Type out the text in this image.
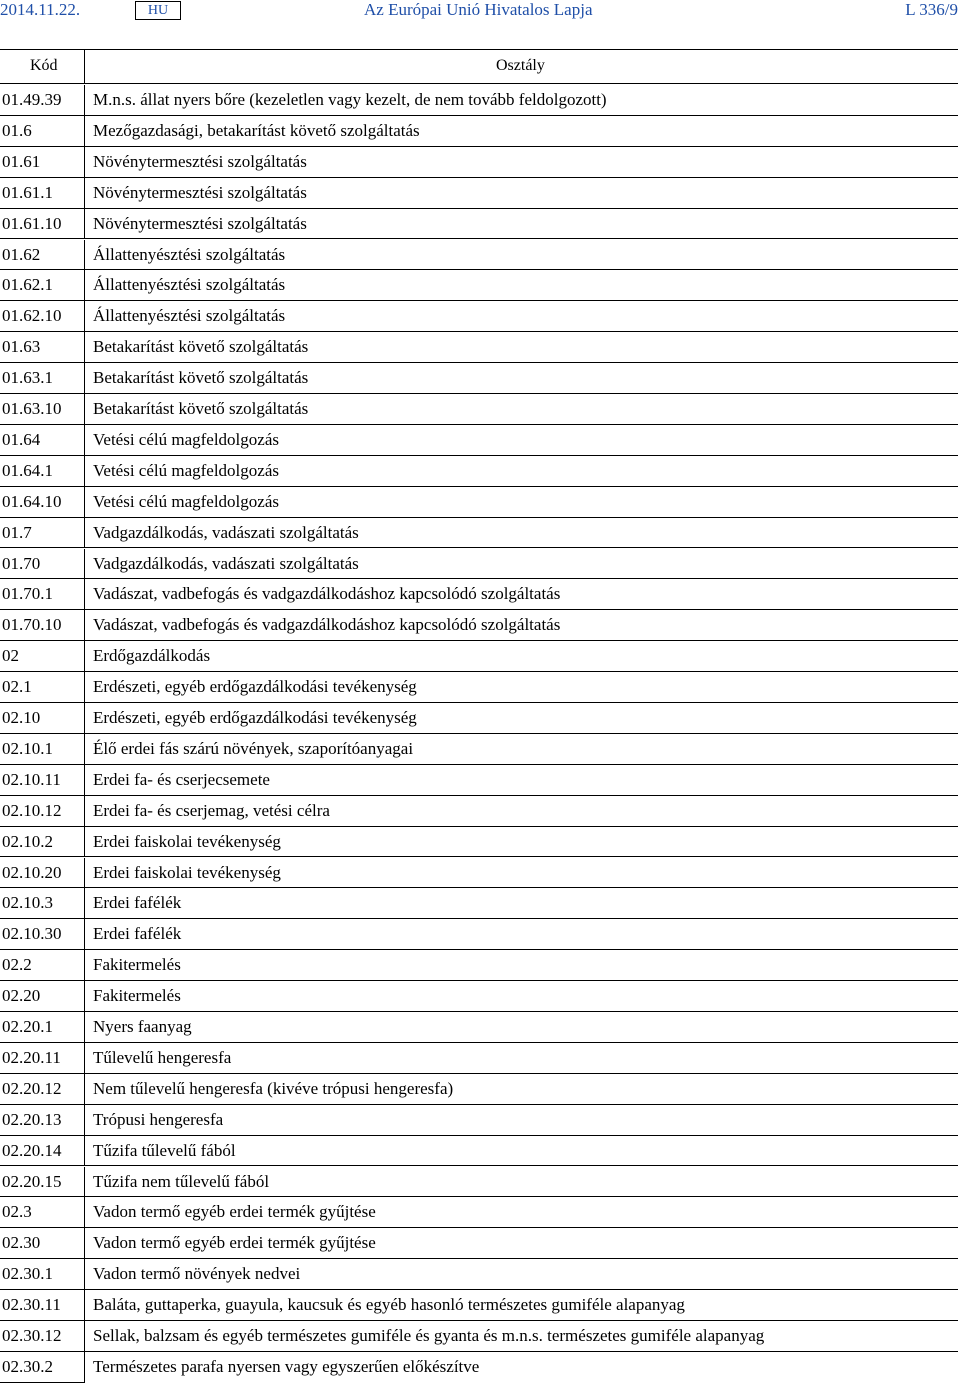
2014.11.22.	HU	Az Európai Unió Hivatalos Lapja	L 336/9
Kód	Osztály
01.49.39 M.n.s. állat nyers bőre (kezeletlen vagy kezelt, de nem tovább feldolgozott)
01.6	Mezőgazdasági, betakarítást követő szolgáltatás
01.61	Növénytermesztési szolgáltatás
01.61.1 Növénytermesztési szolgáltatás
01.61.10 Növénytermesztési szolgáltatás
01.62	Állattenyésztési szolgáltatás
01.62.1 Állattenyésztési szolgáltatás
01.62.10 Állattenyésztési szolgáltatás
01.63	Betakarítást követő szolgáltatás
01.63.1 Betakarítást követő szolgáltatás
01.63.10 Betakarítást követő szolgáltatás
01.64	Vetési célú magfeldolgozás
01.64.1 Vetési célú magfeldolgozás
01.64.10 Vetési célú magfeldolgozás
01.7	Vadgazdálkodás, vadászati szolgáltatás
01.70	Vadgazdálkodás, vadászati szolgáltatás
01.70.1 Vadászat, vadbefogás és vadgazdálkodáshoz kapcsolódó szolgáltatás
01.70.10 Vadászat, vadbefogás és vadgazdálkodáshoz kapcsolódó szolgáltatás
02	Erdőgazdálkodás
02.1	Erdészeti, egyéb erdőgazdálkodási tevékenység
02.10	Erdészeti, egyéb erdőgazdálkodási tevékenység
02.10.1 Élő erdei fás szárú növények, szaporítóanyagai
02.10.11 Erdei fa- és cserjecsemete
02.10.12 Erdei fa- és cserjemag, vetési célra
02.10.2 Erdei faiskolai tevékenység
02.10.20 Erdei faiskolai tevékenység
02.10.3 Erdei fafélék
02.10.30 Erdei fafélék
02.2	Fakitermelés
02.20	Fakitermelés
02.20.1 Nyers faanyag
02.20.11 Tűlevelű hengeresfa
02.20.12 Nem tűlevelű hengeresfa (kivéve trópusi hengeresfa)
02.20.13 Trópusi hengeresfa
02.20.14 Tűzifa tűlevelű fából
02.20.15 Tűzifa nem tűlevelű fából
02.3	Vadon termő egyéb erdei termék gyűjtése
02.30	Vadon termő egyéb erdei termék gyűjtése
02.30.1 Vadon termő növények nedvei
02.30.11 Baláta, guttaperka, guayula, kaucsuk és egyéb hasonló természetes gumiféle alapanyag
02.30.12 Sellak, balzsam és egyéb természetes gumiféle és gyanta és m.n.s. természetes gumiféle alapanyag
02.30.2 Természetes parafa nyersen vagy egyszerűen előkészítve
